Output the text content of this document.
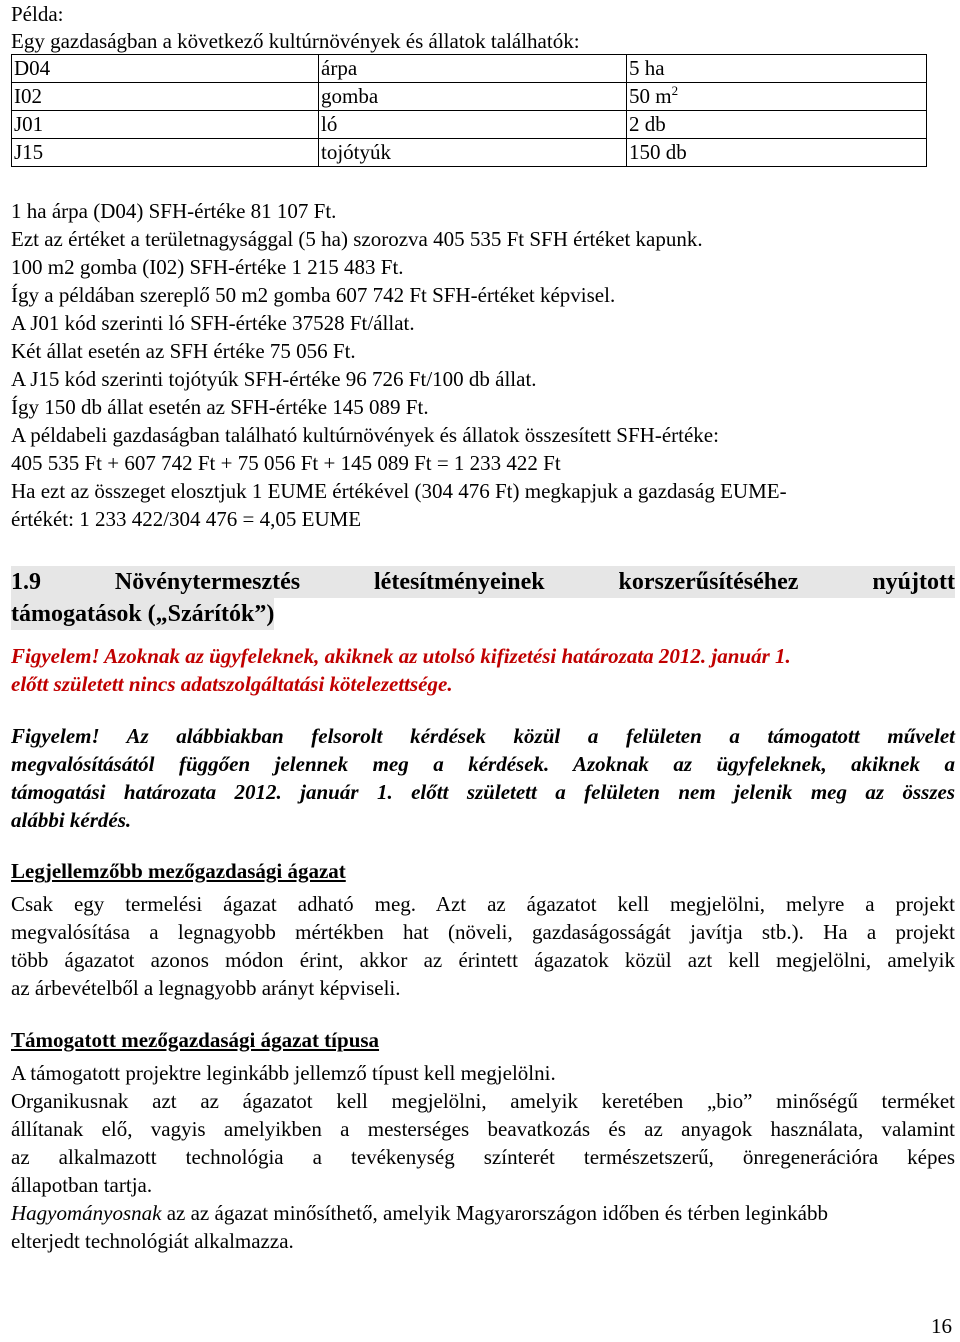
Példa:
Egy gazdaságban a következő kultúrnövények és állatok találhatók:
D04	árpa	5 ha
I02	gomba	50 $m^2$
J01	ló	2 db
J15	tojótyúk	150 db
1 ha árpa (D04) SFH-értéke 81 107 Ft.
Ezt az értéket a területnagysággal (5 ha) szorozva 405 535 Ft SFH értéket kapunk.
100 m2 gomba (I02) SFH-értéke 1 215 483 Ft.
Így a példában szereplő 50 m2 gomba 607 742 Ft SFH-értéket képvisel.
A J01 kód szerinti ló SFH-értéke 37528 Ft/állat.
Két állat esetén az SFH értéke 75 056 Ft.
A J15 kód szerinti tojótyúk SFH-értéke 96 726 Ft/100 db állat.
Így 150 db állat esetén az SFH-értéke 145 089 Ft.
A példabeli gazdaságban található kultúrnövények és állatok összesített SFH-értéke:
405 535 Ft + 607 742 Ft + 75 056 Ft + 145 089 Ft = 1 233 422 Ft
Ha ezt az összeget elosztjuk 1 EUME értékével (304 476 Ft) megkapjuk a gazdaság EUME-
értékét: 1 233 422/304 476 = 4,05 EUME
1.9	Növénytermesztés	létesítményeinek	korszerűsítéséhez	nyújtott
támogatások („Szárítók”)
Figyelem! Azoknak az ügyfeleknek, akiknek az utolsó kifizetési határozata 2012. január 1.
előtt született nincs adatszolgáltatási kötelezettsége.
Figyelem! Az alábbiakban felsorolt kérdések közül a felületen a támogatott művelet
megvalósításától függően jelennek meg a kérdések. Azoknak az ügyfeleknek, akiknek a
támogatási határozata 2012. január 1. előtt született a felületen nem jelenik meg az összes
alábbi kérdés.
Legjellemzőbb mezőgazdasági ágazat
Csak egy termelési ágazat adható meg. Azt az ágazatot kell megjelölni, melyre a projekt
megvalósítása a legnagyobb mértékben hat (növeli, gazdaságosságát javítja stb.). Ha a projekt
több ágazatot azonos módon érint, akkor az érintett ágazatok közül azt kell megjelölni, amelyik
az árbevételből a legnagyobb arányt képviseli.
Támogatott mezőgazdasági ágazat típusa
A támogatott projektre leginkább jellemző típust kell megjelölni.
Organikusnak azt az ágazatot kell megjelölni, amelyik keretében „bio” minőségű terméket
állítanak elő, vagyis amelyikben a mesterséges beavatkozás és az anyagok használata, valamint
az alkalmazott technológia a tevékenység színterét természetszerű, önregenerációra képes
állapotban tartja.
Hagyományosnak az az ágazat minősíthető, amelyik Magyarországon időben és térben leginkább
elterjedt technológiát alkalmazza.
16
